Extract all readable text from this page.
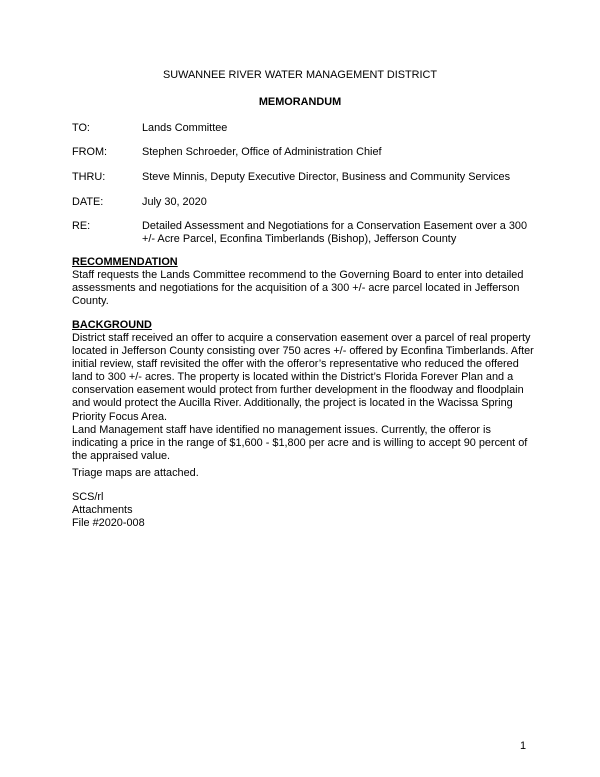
SUWANNEE RIVER WATER MANAGEMENT DISTRICT
MEMORANDUM
TO:	Lands Committee
FROM:	Stephen Schroeder, Office of Administration Chief
THRU:	Steve Minnis, Deputy Executive Director, Business and Community Services
DATE:	July 30, 2020
RE:	Detailed Assessment and Negotiations for a Conservation Easement over a 300 +/- Acre Parcel, Econfina Timberlands (Bishop), Jefferson County
RECOMMENDATION

Staff requests the Lands Committee recommend to the Governing Board to enter into detailed assessments and negotiations for the acquisition of a 300 +/- acre parcel located in Jefferson County.

BACKGROUND

District staff received an offer to acquire a conservation easement over a parcel of real property located in Jefferson County consisting over 750 acres +/- offered by Econfina Timberlands. After initial review, staff revisited the offer with the offeror’s representative who reduced the offered land to 300 +/- acres. The property is located within the District’s Florida Forever Plan and a conservation easement would protect from further development in the floodway and floodplain and would protect the Aucilla River. Additionally, the project is located in the Wacissa Spring Priority Focus Area.

Land Management staff have identified no management issues. Currently, the offeror is indicating a price in the range of $1,600 - $1,800 per acre and is willing to accept 90 percent of the appraised value.

Triage maps are attached.
SCS/rl
Attachments
File #2020-008
1
